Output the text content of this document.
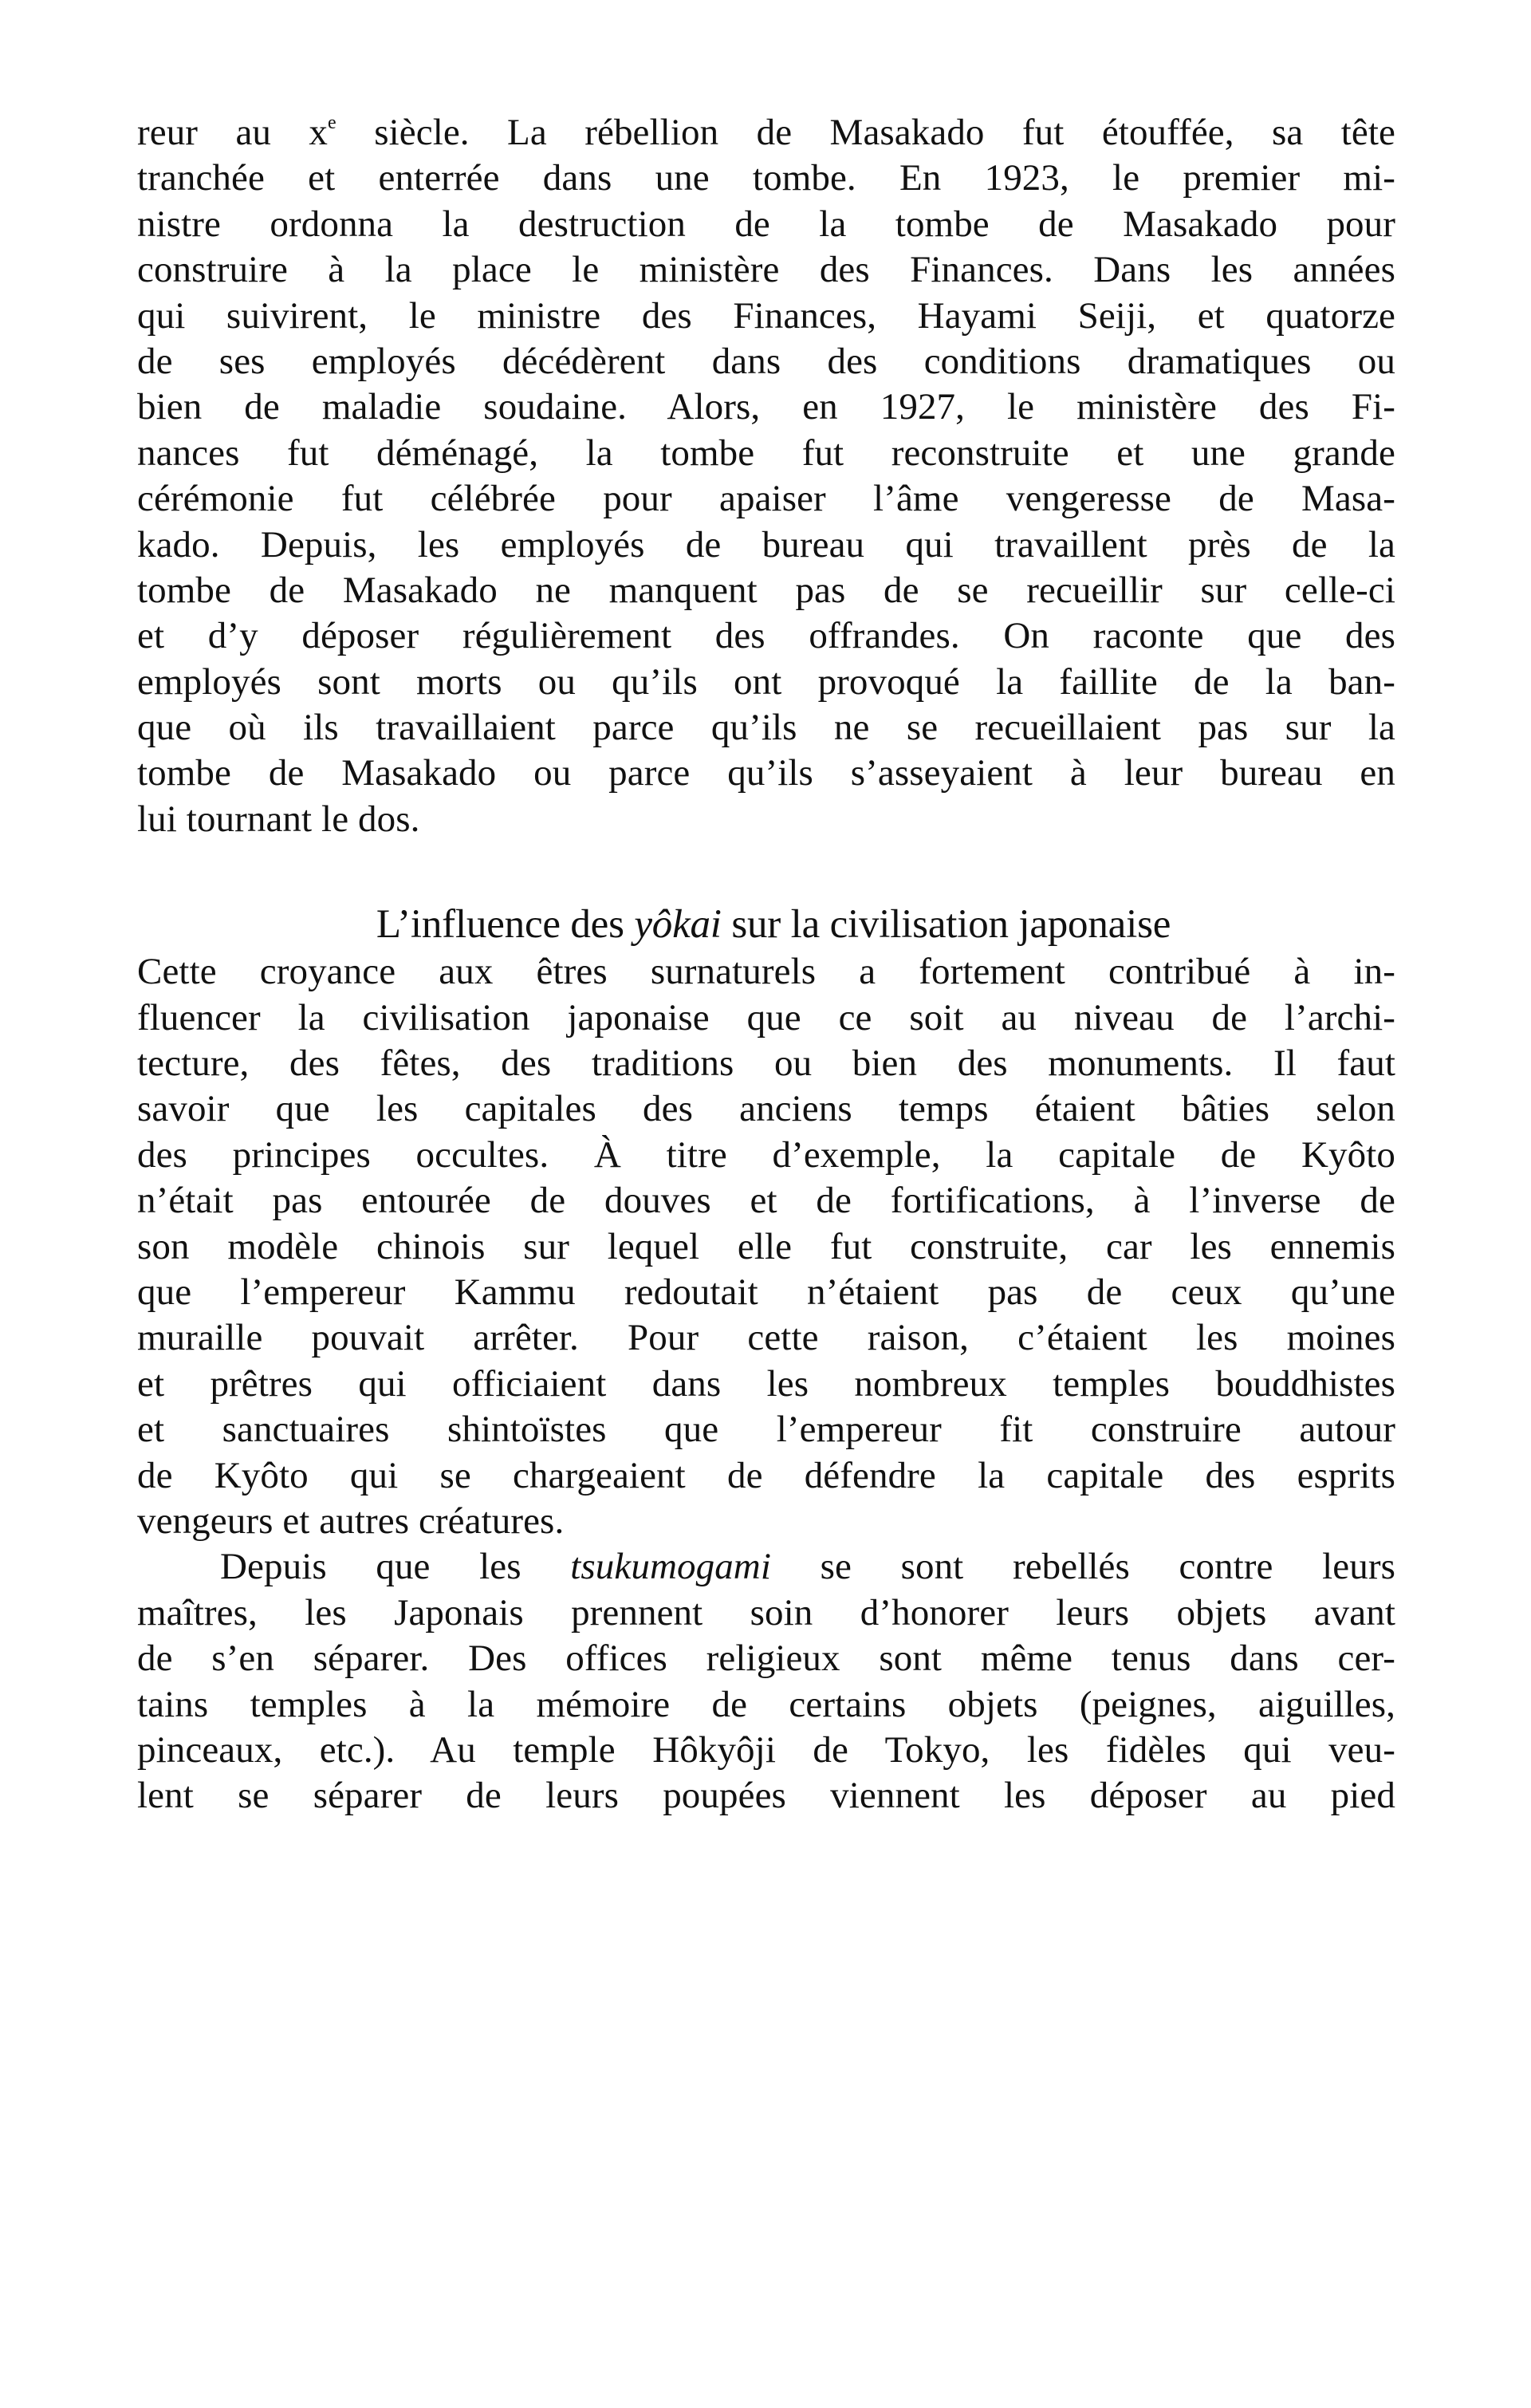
reur au $x^e$ siècle. La rébellion de Masakado fut étouffée, sa tête
tranchée et enterrée dans une tombe. En 1923, le premier mi-
nistre ordonna la destruction de la tombe de Masakado pour
construire à la place le ministère des Finances. Dans les années
qui suivirent, le ministre des Finances, Hayami Seiji, et quatorze
de ses employés décédèrent dans des conditions dramatiques ou
bien de maladie soudaine. Alors, en 1927, le ministère des Fi-
nances fut déménagé, la tombe fut reconstruite et une grande
cérémonie fut célébrée pour apaiser l’âme vengeresse de Masa-
kado. Depuis, les employés de bureau qui travaillent près de la
tombe de Masakado ne manquent pas de se recueillir sur celle-ci
et d’y déposer régulièrement des offrandes. On raconte que des
employés sont morts ou qu’ils ont provoqué la faillite de la ban-
que où ils travaillaient parce qu’ils ne se recueillaient pas sur la
tombe de Masakado ou parce qu’ils s’asseyaient à leur bureau en
lui tournant le dos.
L’influence des yôkai sur la civilisation japonaise
Cette croyance aux êtres surnaturels a fortement contribué à in-
fluencer la civilisation japonaise que ce soit au niveau de l’archi-
tecture, des fêtes, des traditions ou bien des monuments. Il faut
savoir que les capitales des anciens temps étaient bâties selon
des principes occultes. À titre d’exemple, la capitale de Kyôto
n’était pas entourée de douves et de fortifications, à l’inverse de
son modèle chinois sur lequel elle fut construite, car les ennemis
que l’empereur Kammu redoutait n’étaient pas de ceux qu’une
muraille pouvait arrêter. Pour cette raison, c’étaient les moines
et prêtres qui officiaient dans les nombreux temples bouddhistes
et sanctuaires shintoïstes que l’empereur fit construire autour
de Kyôto qui se chargeaient de défendre la capitale des esprits
vengeurs et autres créatures.
Depuis que les tsukumogami se sont rebellés contre leurs
maîtres, les Japonais prennent soin d’honorer leurs objets avant
de s’en séparer. Des offices religieux sont même tenus dans cer-
tains temples à la mémoire de certains objets (peignes, aiguilles,
pinceaux, etc.). Au temple Hôkyôji de Tokyo, les fidèles qui veu-
lent se séparer de leurs poupées viennent les déposer au pied
